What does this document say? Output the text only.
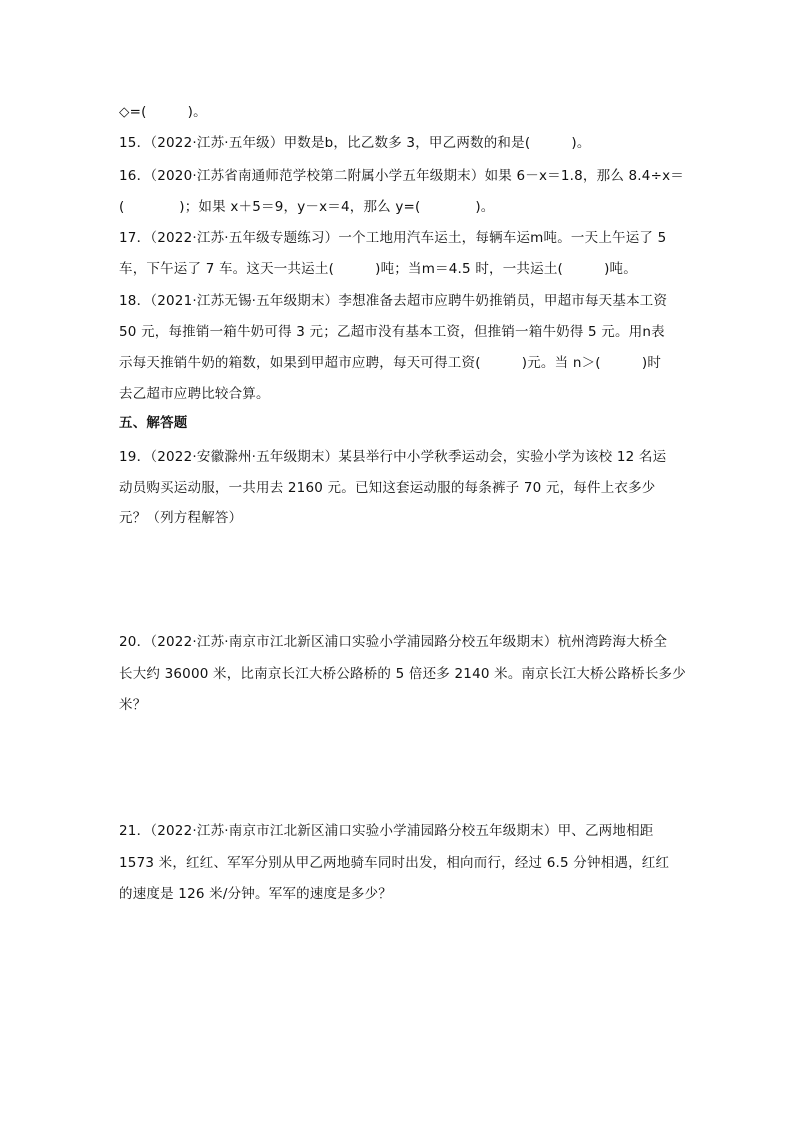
◇=(　　　)。
15．（2022·江苏·五年级）甲数是b，比乙数多 3，甲乙两数的和是(　　　)。
16．（2020·江苏省南通师范学校第二附属小学五年级期末）如果 6－x＝1.8，那么 8.4÷x＝
(　　　　)；如果 x＋5＝9，y－x＝4，那么 y=(　　　　)。
17．（2022·江苏·五年级专题练习）一个工地用汽车运土，每辆车运m吨。一天上午运了 5
车，下午运了 7 车。这天一共运土(　　　)吨；当m＝4.5 时，一共运土(　　　)吨。
18．（2021·江苏无锡·五年级期末）李想准备去超市应聘牛奶推销员，甲超市每天基本工资
50 元，每推销一箱牛奶可得 3 元；乙超市没有基本工资，但推销一箱牛奶得 5 元。用n表
示每天推销牛奶的箱数，如果到甲超市应聘，每天可得工资(　　　)元。当 n＞(　　　)时
去乙超市应聘比较合算。
五、解答题
19．（2022·安徽滁州·五年级期末）某县举行中小学秋季运动会，实验小学为该校 12 名运
动员购买运动服，一共用去 2160 元。已知这套运动服的每条裤子 70 元，每件上衣多少
元？（列方程解答）
20．（2022·江苏·南京市江北新区浦口实验小学浦园路分校五年级期末）杭州湾跨海大桥全
长大约 36000 米，比南京长江大桥公路桥的 5 倍还多 2140 米。南京长江大桥公路桥长多少
米？
21．（2022·江苏·南京市江北新区浦口实验小学浦园路分校五年级期末）甲、乙两地相距
1573 米，红红、军军分别从甲乙两地骑车同时出发，相向而行，经过 6.5 分钟相遇，红红
的速度是 126 米/分钟。军军的速度是多少？
